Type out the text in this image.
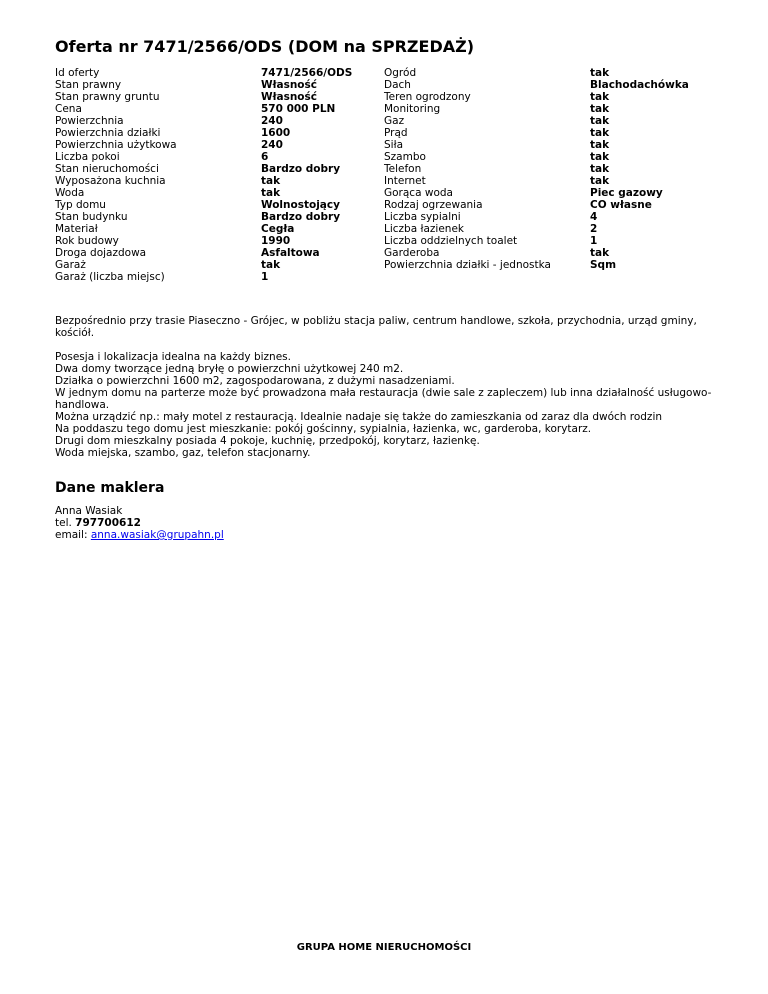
Oferta nr 7471/2566/ODS (DOM na SPRZEDAŻ)
Id oferty
Stan prawny
Stan prawny gruntu
Cena
Powierzchnia
Powierzchnia działki
Powierzchnia użytkowa
Liczba pokoi
Stan nieruchomości
Wyposażona kuchnia
Woda
Typ domu
Stan budynku
Materiał
Rok budowy
Droga dojazdowa
Garaż
Garaż (liczba miejsc)
7471/2566/ODS
Własność
Własność
570 000 PLN
240
1600
240
6
Bardzo dobry
tak
tak
Wolnostojący
Bardzo dobry
Cegła
1990
Asfaltowa
tak
1
Ogród
Dach
Teren ogrodzony
Monitoring
Gaz
Prąd
Siła
Szambo
Telefon
Internet
Gorąca woda
Rodzaj ogrzewania
Liczba sypialni
Liczba łazienek
Liczba oddzielnych toalet
Garderoba
Powierzchnia działki - jednostka
tak
Blachodachówka
tak
tak
tak
tak
tak
tak
tak
tak
Piec gazowy
CO własne
4
2
1
tak
Sqm

Bezpośrednio przy trasie Piaseczno - Grójec, w pobliżu stacja paliw, centrum handlowe, szkoła, przychodnia, urząd gminy, kościół.

Posesja i lokalizacja idealna na każdy biznes.
Dwa domy tworzące jedną bryłę o powierzchni użytkowej 240 m2.
Działka o powierzchni 1600 m2, zagospodarowana, z dużymi nasadzeniami.
W jednym domu na parterze może być prowadzona mała restauracja (dwie sale z zapleczem) lub inna działalność usługowo-handlowa.
Można urządzić np.: mały motel z restauracją. Idealnie nadaje się także do zamieszkania od zaraz dla dwóch rodzin
Na poddaszu tego domu jest mieszkanie: pokój gościnny, sypialnia, łazienka, wc, garderoba, korytarz.
Drugi dom mieszkalny posiada 4 pokoje, kuchnię, przedpokój, korytarz, łazienkę.
Woda miejska, szambo, gaz, telefon stacjonarny.

Dane maklera
Anna Wasiak
tel. 797700612
email: anna.wasiak@grupahn.pl
GRUPA HOME NIERUCHOMOŚCI
